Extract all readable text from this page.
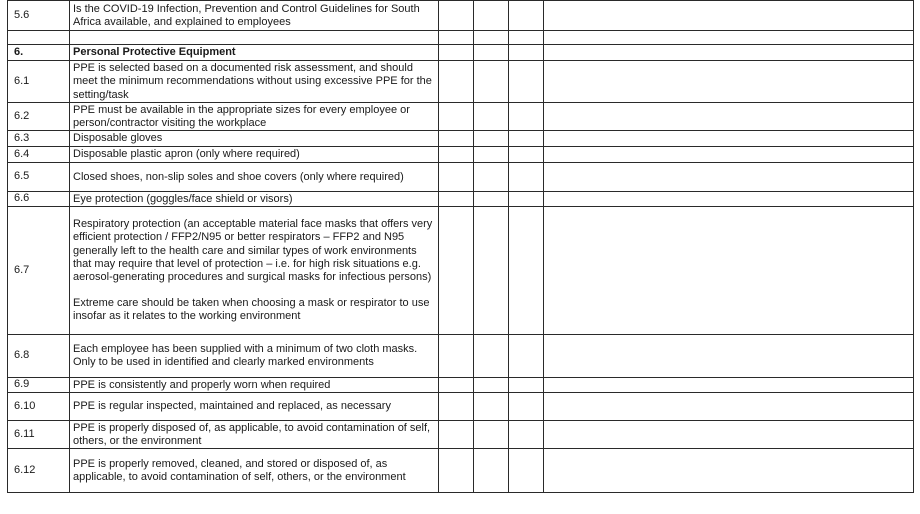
5.6	Is the COVID-19 Infection, Prevention and Control Guidelines for South Africa available, and explained to employees				

6.	Personal Protective Equipment				

6.1	PPE is selected based on a documented risk assessment, and should meet the minimum recommendations without using excessive PPE for the setting/task				

6.2	PPE must be available in the appropriate sizes for every employee or person/contractor visiting the workplace				

6.3	Disposable gloves				

6.4	Disposable plastic apron (only where required)				

6.5	Closed shoes, non-slip soles and shoe covers (only where required)				

6.6	Eye protection (goggles/face shield or visors)				

6.7	Respiratory protection (an acceptable material face masks that offers very efficient protection / FFP2/N95 or better respirators – FFP2 and N95 generally left to the health care and similar types of work environments that may require that level of protection – i.e. for high risk situations e.g. aerosol-generating procedures and surgical masks for infectious persons)
Extreme care should be taken when choosing a mask or respirator to use insofar as it relates to the working environment				

6.8	Each employee has been supplied with a minimum of two cloth masks.
Only to be used in identified and clearly marked environments				

6.9	PPE is consistently and properly worn when required				

6.10	PPE is regular inspected, maintained and replaced, as necessary				

6.11	PPE is properly disposed of, as applicable, to avoid contamination of self, others, or the environment				

6.12	PPE is properly removed, cleaned, and stored or disposed of, as applicable, to avoid contamination of self, others, or the environment				
